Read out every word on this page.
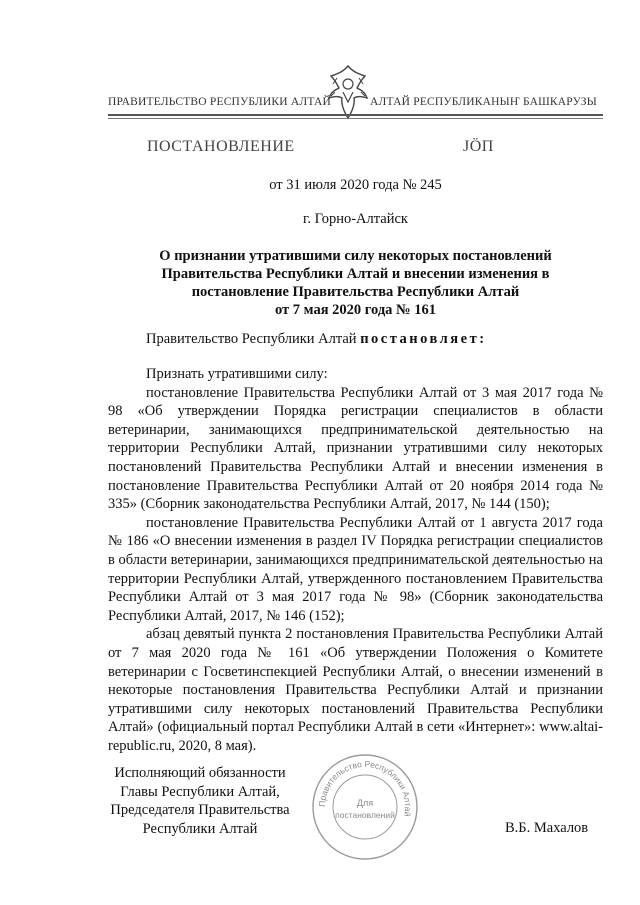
ПРАВИТЕЛЬСТВО РЕСПУБЛИКИ АЛТАЙ	АЛТАЙ РЕСПУБЛИКАНЫҤ БАШКАРУЗЫ
ПОСТАНОВЛЕНИЕ	ЈӦП
от 31 июля 2020 года № 245
г. Горно-Алтайск
О признании утратившими силу некоторых постановлений
Правительства Республики Алтай и внесении изменения в
постановление Правительства Республики Алтай
от 7 мая 2020 года № 161
Правительство Республики Алтай постановляет:
Признать утратившими силу:
постановление Правительства Республики Алтай от 3 мая 2017 года № 98 «Об утверждении Порядка регистрации специалистов в области ветеринарии, занимающихся предпринимательской деятельностью на территории Республики Алтай, признании утратившими силу некоторых постановлений Правительства Республики Алтай и внесении изменения в постановление Правительства Республики Алтай от 20 ноября 2014 года № 335» (Сборник законодательства Республики Алтай, 2017, № 144 (150);
постановление Правительства Республики Алтай от 1 августа 2017 года № 186 «О внесении изменения в раздел IV Порядка регистрации специалистов в области ветеринарии, занимающихся предпринимательской деятельностью на территории Республики Алтай, утвержденного постановлением Правительства Республики Алтай от 3 мая 2017 года № 98» (Сборник законодательства Республики Алтай, 2017, № 146 (152);
абзац девятый пункта 2 постановления Правительства Республики Алтай от 7 мая 2020 года № 161 «Об утверждении Положения о Комитете ветеринарии с Госветинспекцией Республики Алтай, о внесении изменений в некоторые постановления Правительства Республики Алтай и признании утратившими силу некоторых постановлений Правительства Республики Алтай» (официальный портал Республики Алтай в сети «Интернет»: www.altai-republic.ru, 2020, 8 мая).
Исполняющий обязанности
Главы Республики Алтай,
Председателя Правительства
Республики Алтай
Правительство Республики Алтай
Для
постановлений
В.Б. Махалов
